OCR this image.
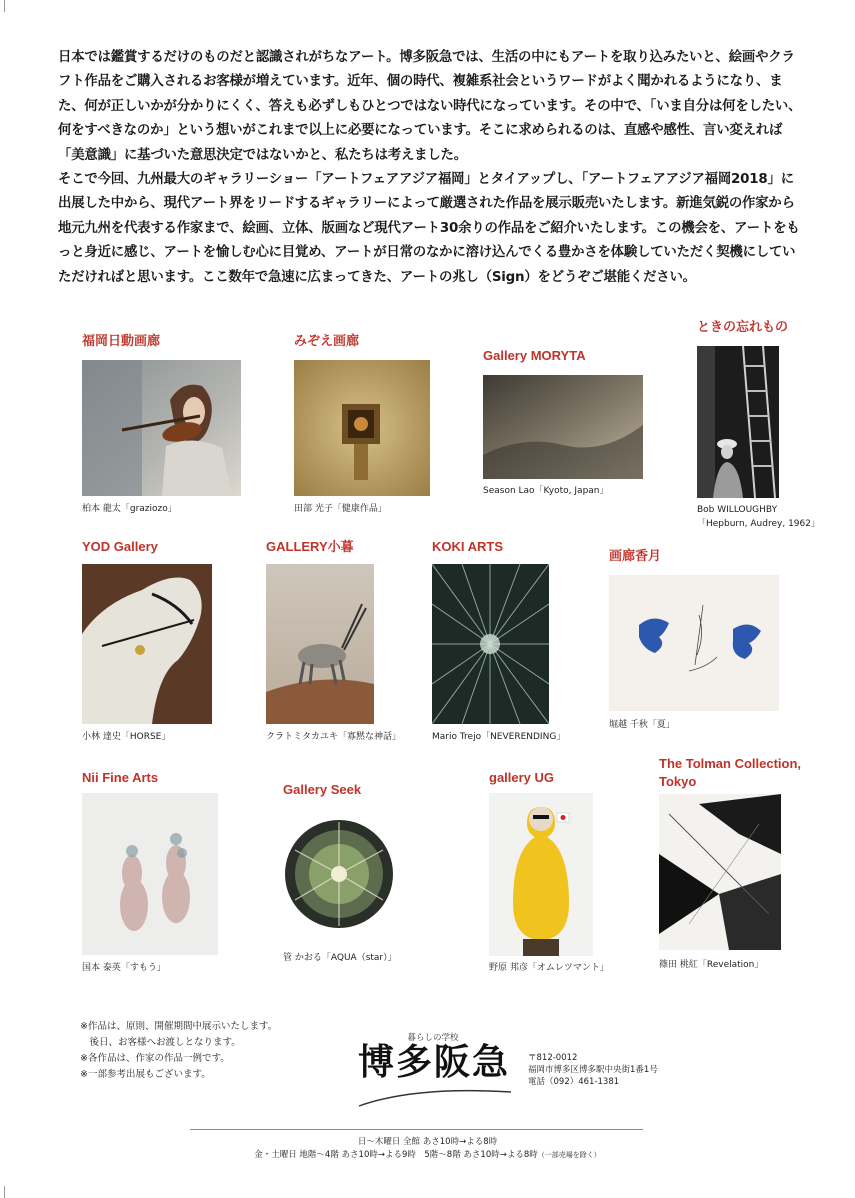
日本では鑑賞するだけのものだと認識されがちなアート。博多阪急では、生活の中にもアートを取り込みたいと、絵画やクラフト作品をご購入されるお客様が増えています。近年、個の時代、複雑系社会というワードがよく聞かれるようになり、また、何が正しいかが分かりにくく、答えも必ずしもひとつではない時代になっています。その中で、「いま自分は何をしたい、何をすべきなのか」という想いがこれまで以上に必要になっています。そこに求められるのは、直感や感性、言い変えれば「美意識」に基づいた意思決定ではないかと、私たちは考えました。

そこで今回、九州最大のギャラリーショー「アートフェアアジア福岡」とタイアップし、「アートフェアアジア福岡2018」に出展した中から、現代アート界をリードするギャラリーによって厳選された作品を展示販売いたします。新進気鋭の作家から地元九州を代表する作家まで、絵画、立体、版画など現代アート30余りの作品をご紹介いたします。この機会を、アートをもっと身近に感じ、アートを愉しむ心に目覚め、アートが日常のなかに溶け込んでくる豊かさを体験していただく契機にしていただければと思います。ここ数年で急速に広まってきた、アートの兆し（Sign）をどうぞご堪能ください。

福岡日動画廊
柏本 龍太「graziozo」
みぞえ画廊
田部 光子「健康作品」
Gallery MORYTA
Season Lao「Kyoto, Japan」
ときの忘れもの
Bob WILLOUGHBY
「Hepburn, Audrey, 1962」
YOD Gallery
小林 達史「HORSE」
GALLERY小暮
クラトミタカユキ「寡黙な神話」
KOKI ARTS
Mario Trejo「NEVERENDING」
画廊香月
堀越 千秋「夏」
Nii Fine Arts
国本 泰英「すもう」
Gallery Seek
管 かおる「AQUA（star）」
gallery UG
野原 邦彦「オムレツマント」
The Tolman Collection,
Tokyo
篠田 桃紅「Revelation」
※作品は、原則、開催期間中展示いたします。
　後日、お客様へお渡しとなります。
※各作品は、作家の作品一例です。
※一部参考出展もございます。
暮らしの学校
博多阪急 〒812-0012
福岡市博多区博多駅中央街1番1号
電話（092）461-1381
日～木曜日 全館 あさ10時→よる8時
金・土曜日 地階～4階 あさ10時→よる9時　5階～8階 あさ10時→よる8時（一部売場を除く）
